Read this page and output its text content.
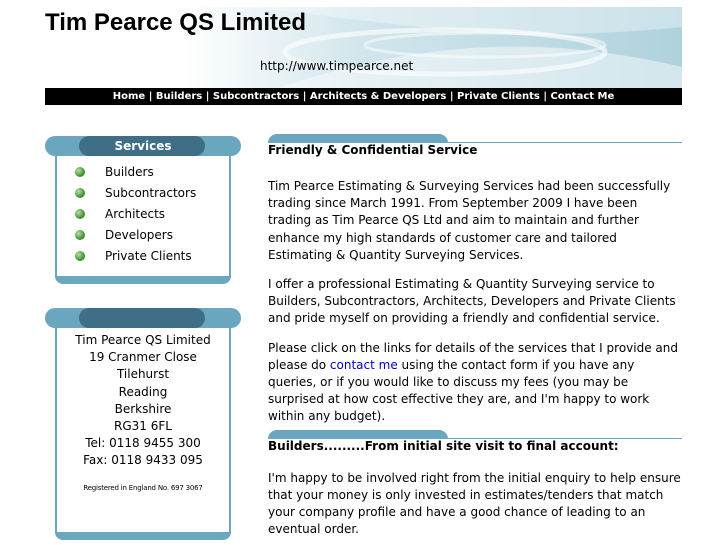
Tim Pearce QS Limited
http://www.timpearce.net
Home | Builders | Subcontractors | Architects & Developers | Private Clients | Contact Me
Services
Builders
Subcontractors
Architects
Developers
Private Clients
Tim Pearce QS Limited
19 Cranmer Close
Tilehurst
Reading
Berkshire
RG31 6FL
Tel: 0118 9455 300
Fax: 0118 9433 095
Registered in England No. 697 3067
Friendly & Confidential Service

Tim Pearce Estimating & Surveying Services had been successfully trading since March 1991. From September 2009 I have been trading as Tim Pearce QS Ltd and aim to maintain and further enhance my high standards of customer care and tailored Estimating & Quantity Surveying Services.

I offer a professional Estimating & Quantity Surveying service to Builders, Subcontractors, Architects, Developers and Private Clients and pride myself on providing a friendly and confidential service.

Please click on the links for details of the services that I provide and please do contact me using the contact form if you have any queries, or if you would like to discuss my fees (you may be surprised at how cost effective they are, and I'm happy to work within any budget).

Builders.........From initial site visit to final account:

I'm happy to be involved right from the initial enquiry to help ensure that your money is only invested in estimates/tenders that match your company profile and have a good chance of leading to an eventual order.
